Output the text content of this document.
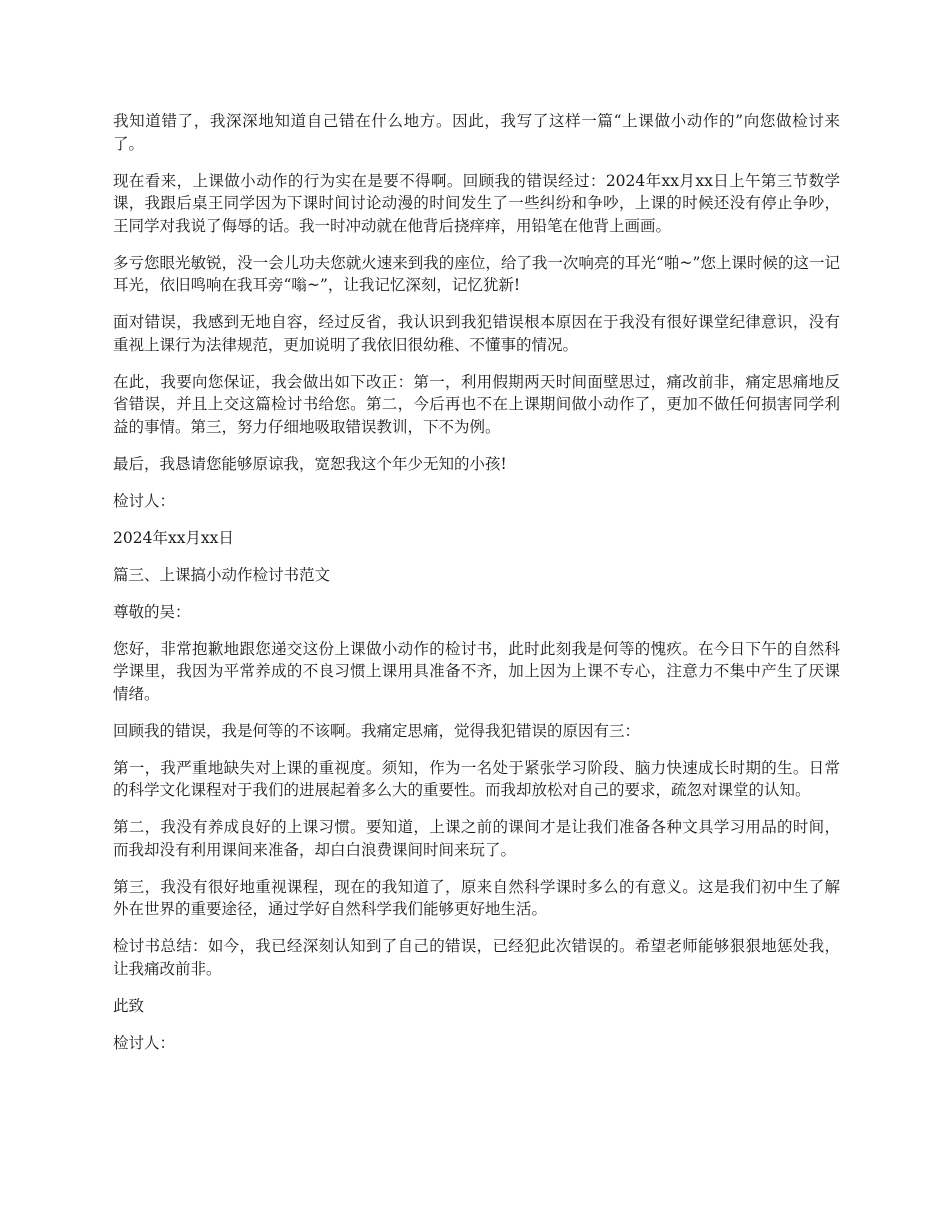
我知道错了，我深深地知道自己错在什么地方。因此，我写了这样一篇“上课做小动作的”向您做检讨来了。

现在看来，上课做小动作的行为实在是要不得啊。回顾我的错误经过：2024年xx月xx日上午第三节数学课，我跟后桌王同学因为下课时间讨论动漫的时间发生了一些纠纷和争吵，上课的时候还没有停止争吵，王同学对我说了侮辱的话。我一时冲动就在他背后挠痒痒，用铅笔在他背上画画。

多亏您眼光敏锐，没一会儿功夫您就火速来到我的座位，给了我一次响亮的耳光“啪~”您上课时候的这一记耳光，依旧鸣响在我耳旁“嗡~”，让我记忆深刻，记忆犹新!

面对错误，我感到无地自容，经过反省，我认识到我犯错误根本原因在于我没有很好课堂纪律意识，没有重视上课行为法律规范，更加说明了我依旧很幼稚、不懂事的情况。

在此，我要向您保证，我会做出如下改正：第一，利用假期两天时间面壁思过，痛改前非，痛定思痛地反省错误，并且上交这篇检讨书给您。第二，今后再也不在上课期间做小动作了，更加不做任何损害同学利益的事情。第三，努力仔细地吸取错误教训，下不为例。

最后，我恳请您能够原谅我，宽恕我这个年少无知的小孩!

检讨人：

2024年xx月xx日

篇三、上课搞小动作检讨书范文

尊敬的吴：

您好，非常抱歉地跟您递交这份上课做小动作的检讨书，此时此刻我是何等的愧疚。在今日下午的自然科学课里，我因为平常养成的不良习惯上课用具准备不齐，加上因为上课不专心，注意力不集中产生了厌课情绪。

回顾我的错误，我是何等的不该啊。我痛定思痛，觉得我犯错误的原因有三：

第一，我严重地缺失对上课的重视度。须知，作为一名处于紧张学习阶段、脑力快速成长时期的生。日常的科学文化课程对于我们的进展起着多么大的重要性。而我却放松对自己的要求，疏忽对课堂的认知。

第二，我没有养成良好的上课习惯。要知道，上课之前的课间才是让我们准备各种文具学习用品的时间，而我却没有利用课间来准备，却白白浪费课间时间来玩了。

第三，我没有很好地重视课程，现在的我知道了，原来自然科学课时多么的有意义。这是我们初中生了解外在世界的重要途径，通过学好自然科学我们能够更好地生活。

检讨书总结：如今，我已经深刻认知到了自己的错误，已经犯此次错误的。希望老师能够狠狠地惩处我，让我痛改前非。

此致

检讨人：
